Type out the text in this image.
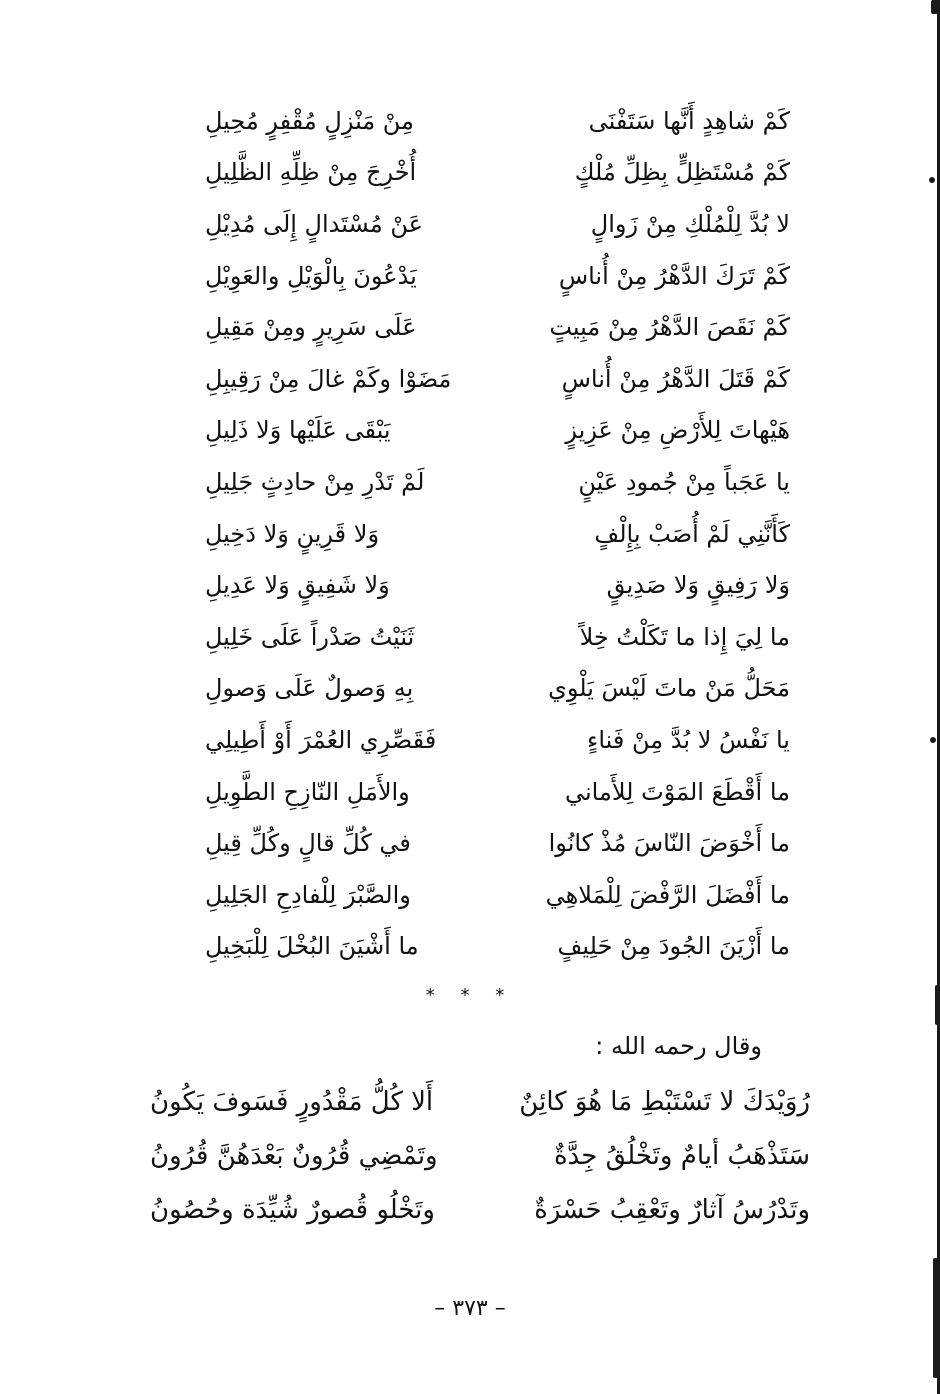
كَمْ شاهِدٍ أَنَّها سَتَفْنَى
مِنْ مَنْزِلٍ مُقْفِرٍ مُحِيلِ
كَمْ مُسْتَظِلٍّ بِظِلِّ مُلْكٍ
أُخْرِجَ مِنْ ظِلِّهِ الظَّلِيلِ
لا بُدَّ لِلْمُلْكِ مِنْ زَوالٍ
عَنْ مُسْتَدالٍ إِلَى مُدِيْلِ
كَمْ تَرَكَ الدَّهْرُ مِنْ أُناسٍ
يَدْعُونَ بِالْوَيْلِ والعَوِيْلِ
كَمْ نَقَصَ الدَّهْرُ مِنْ مَبِيتٍ
عَلَى سَرِيرٍ ومِنْ مَقِيلِ
كَمْ قَتَلَ الدَّهْرُ مِنْ أُناسٍ
مَضَوْا وكَمْ غالَ مِنْ رَقِيبِلِ
هَيْهاتَ لِلأَرْضِ مِنْ عَزِيزٍ
يَبْقَى عَلَيْها وَلا ذَلِيلِ
يا عَجَباً مِنْ جُمودِ عَيْنٍ
لَمْ تَدْرِ مِنْ حادِثٍ جَلِيلِ
كَأَنَّنِي لَمْ أُصَبْ بِإِلْفٍ
وَلا قَرِينٍ وَلا دَخِيلِ
وَلا رَفِيقٍ وَلا صَدِيقٍ
وَلا شَفِيقٍ وَلا عَدِيلِ
ما لِيَ إِذا ما تَكَلْتُ خِلاً
ثَنَيْتُ صَدْراً عَلَى خَلِيلِ
مَحَلُّ مَنْ ماتَ لَيْسَ يَلْوِي
بِهِ وَصولٌ عَلَى وَصولِ
يا نَفْسُ لا بُدَّ مِنْ فَناءٍ
فَقَصِّرِي العُمْرَ أَوْ أَطِيلِي
ما أَقْطَعَ المَوْتَ لِلأَماني
والأَمَلِ النّازِحِ الطَّوِيلِ
ما أَخْوَضَ النّاسَ مُذْ كانُوا
في كُلِّ قالٍ وكُلِّ قِيلِ
ما أَفْضَلَ الرَّفْضَ لِلْمَلاهِي
والصَّبْرَ لِلْفادِحِ الجَلِيلِ
ما أَزْيَنَ الجُودَ مِنْ حَلِيفٍ
ما أَشْيَنَ البُخْلَ لِلْبَخِيلِ
* * *
وقال رحمه الله :
رُوَيْدَكَ لا تَسْتَبْطِ مَا هُوَ كائِنٌ
أَلا كُلُّ مَقْدُورٍ فَسَوفَ يَكُونُ
سَتَذْهَبُ أيامٌ وتَخْلُقُ جِدَّةٌ
وتَمْضِي قُرُونٌ بَعْدَهُنَّ قُرُونُ
وتَدْرُسُ آثارٌ وتَعْقِبُ حَسْرَةٌ
وتَخْلُو قُصورٌ شُيِّدَة وحُصُونُ
– ٣٧٣ –
